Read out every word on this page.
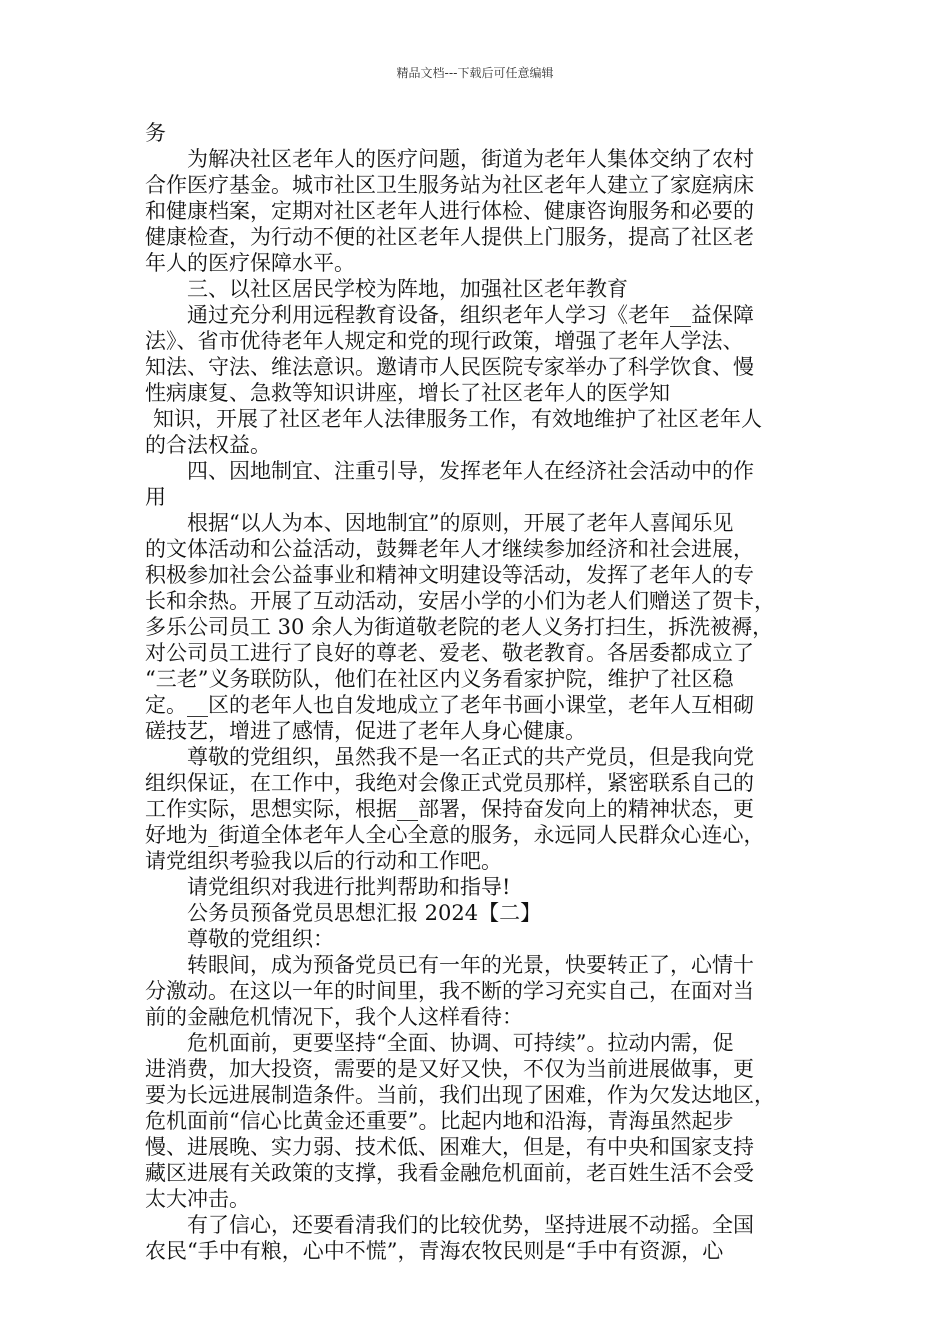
精品文档---下载后可任意编辑
务
为解决社区老年人的医疗问题，街道为老年人集体交纳了农村
合作医疗基金。城市社区卫生服务站为社区老年人建立了家庭病床
和健康档案，定期对社区老年人进行体检、健康咨询服务和必要的
健康检查，为行动不便的社区老年人提供上门服务，提高了社区老
年人的医疗保障水平。
三、以社区居民学校为阵地，加强社区老年教育
通过充分利用远程教育设备，组织老年人学习《老年__益保障
法》、省市优待老年人规定和党的现行政策，增强了老年人学法、
知法、守法、维法意识。邀请市人民医院专家举办了科学饮食、慢
性病康复、急救等知识讲座，增长了社区老年人的医学知
知识，开展了社区老年人法律服务工作，有效地维护了社区老年人
的合法权益。
四、因地制宜、注重引导，发挥老年人在经济社会活动中的作
用
根据“以人为本、因地制宜”的原则，开展了老年人喜闻乐见
的文体活动和公益活动，鼓舞老年人才继续参加经济和社会进展，
积极参加社会公益事业和精神文明建设等活动，发挥了老年人的专
长和余热。开展了互动活动，安居小学的小们为老人们赠送了贺卡，
多乐公司员工 30 余人为街道敬老院的老人义务打扫生，拆洗被褥，
对公司员工进行了良好的尊老、爱老、敬老教育。各居委都成立了
“三老”义务联防队，他们在社区内义务看家护院，维护了社区稳
定。__区的老年人也自发地成立了老年书画小课堂，老年人互相砌
磋技艺，增进了感情，促进了老年人身心健康。
尊敬的党组织，虽然我不是一名正式的共产党员，但是我向党
组织保证，在工作中，我绝对会像正式党员那样，紧密联系自己的
工作实际，思想实际，根据__部署，保持奋发向上的精神状态，更
好地为_街道全体老年人全心全意的服务，永远同人民群众心连心，
请党组织考验我以后的行动和工作吧。
请党组织对我进行批判帮助和指导!
公务员预备党员思想汇报 2024【二】
尊敬的党组织：
转眼间，成为预备党员已有一年的光景，快要转正了，心情十
分激动。在这以一年的时间里，我不断的学习充实自己，在面对当
前的金融危机情况下，我个人这样看待：
危机面前，更要坚持“全面、协调、可持续”。拉动内需，促
进消费，加大投资，需要的是又好又快，不仅为当前进展做事，更
要为长远进展制造条件。当前，我们出现了困难，作为欠发达地区，
危机面前“信心比黄金还重要”。比起内地和沿海，青海虽然起步
慢、进展晚、实力弱、技术低、困难大，但是，有中央和国家支持
藏区进展有关政策的支撑，我看金融危机面前，老百姓生活不会受
太大冲击。
有了信心，还要看清我们的比较优势，坚持进展不动摇。全国
农民“手中有粮，心中不慌”，青海农牧民则是“手中有资源，心
